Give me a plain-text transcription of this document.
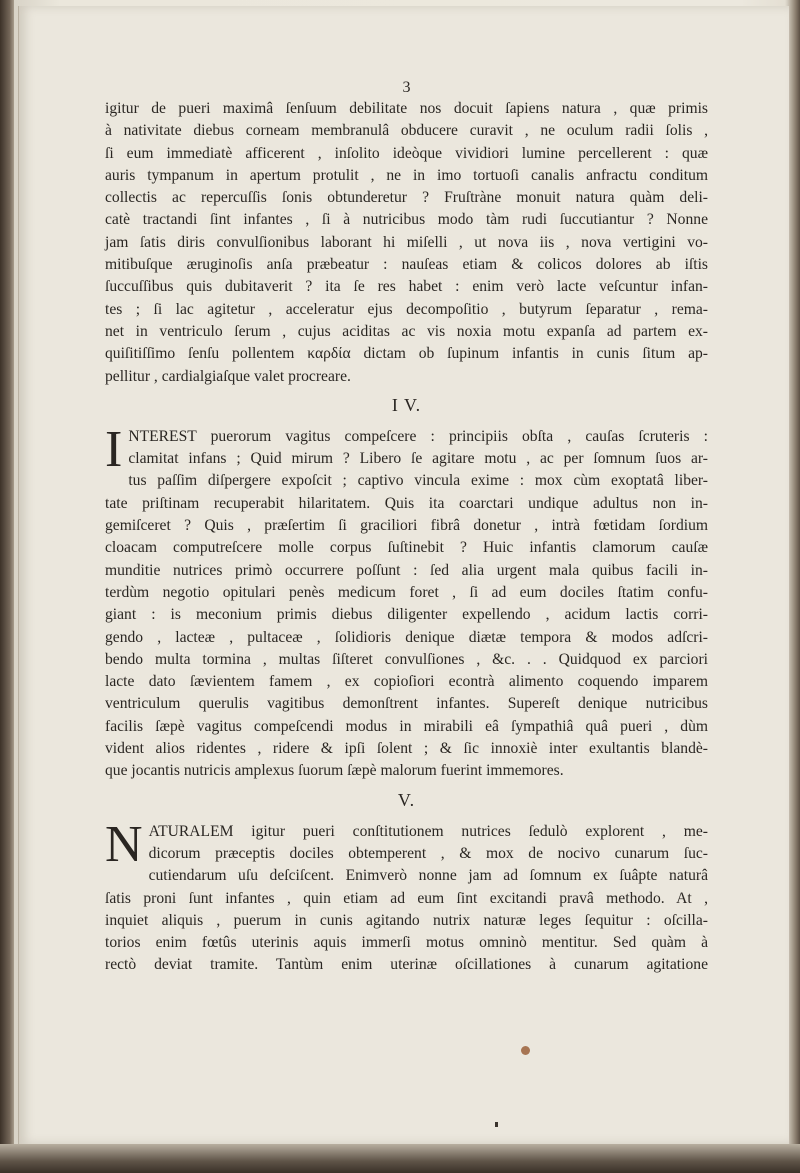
3
igitur de pueri maximâ ſenſuum debilitate nos docuit ſapiens natura , quæ primis
à nativitate diebus corneam membranulâ obducere curavit , ne oculum radii ſolis ,
ſi eum immediatè afficerent , inſolito ideòque vividiori lumine percellerent : quæ
auris tympanum in apertum protulit , ne in imo tortuoſi canalis anfractu conditum
collectis ac repercuſſis ſonis obtunderetur ? Fruſtràne monuit natura quàm deli-
catè tractandi ſint infantes , ſi à nutricibus modo tàm rudi ſuccutiantur ? Nonne
jam ſatis diris convulſionibus laborant hi miſelli , ut nova iis , nova vertigini vo-
mitibuſque æruginoſis anſa præbeatur : nauſeas etiam & colicos dolores ab iſtis
ſuccuſſibus quis dubitaverit ? ita ſe res habet : enim verò lacte veſcuntur infan-
tes ; ſi lac agitetur , acceleratur ejus decompoſitio , butyrum ſeparatur , rema-
net in ventriculo ſerum , cujus aciditas ac vis noxia motu expanſa ad partem ex-
quiſitiſſimo ſenſu pollentem καρδία dictam ob ſupinum infantis in cunis ſitum ap-
pellitur , cardialgiaſque valet procreare.
I V.
I NTEREST puerorum vagitus compeſcere : principiis obſta , cauſas ſcruteris :
clamitat infans ; Quid mirum ? Libero ſe agitare motu , ac per ſomnum ſuos ar-
tus paſſim diſpergere expoſcit ; captivo vincula exime : mox cùm exoptatâ liber-
tate priſtinam recuperabit hilaritatem. Quis ita coarctari undique adultus non in-
gemiſceret ? Quis , præſertim ſi graciliori fibrâ donetur , intrà fœtidam ſordium
cloacam computreſcere molle corpus ſuſtinebit ? Huic infantis clamorum cauſæ
munditie nutrices primò occurrere poſſunt : ſed alia urgent mala quibus facili in-
terdùm negotio opitulari penès medicum foret , ſi ad eum dociles ſtatim confu-
giant : is meconium primis diebus diligenter expellendo , acidum lactis corri-
gendo , lacteæ , pultaceæ , ſolidioris denique diætæ tempora & modos adſcri-
bendo multa tormina , multas ſiſteret convulſiones , &c. . . Quidquod ex parciori
lacte dato ſævientem famem , ex copioſiori econtrà alimento coquendo imparem
ventriculum querulis vagitibus demonſtrent infantes. Supereſt denique nutricibus
facilis ſæpè vagitus compeſcendi modus in mirabili eâ ſympathiâ quâ pueri , dùm
vident alios ridentes , ridere & ipſi ſolent ; & ſic innoxiè inter exultantis blandè-
que jocantis nutricis amplexus ſuorum ſæpè malorum fuerint immemores.
V.
N ATURALEM igitur pueri conſtitutionem nutrices ſedulò explorent , me-
dicorum præceptis dociles obtemperent , & mox de nocivo cunarum ſuc-
cutiendarum uſu deſciſcent. Enimverò nonne jam ad ſomnum ex ſuâpte naturâ
ſatis proni ſunt infantes , quin etiam ad eum ſint excitandi pravâ methodo. At ,
inquiet aliquis , puerum in cunis agitando nutrix naturæ leges ſequitur : oſcilla-
torios enim fœtûs uterinis aquis immerſi motus omninò mentitur. Sed quàm à
rectò deviat tramite. Tantùm enim uterinæ oſcillationes à cunarum agitatione
